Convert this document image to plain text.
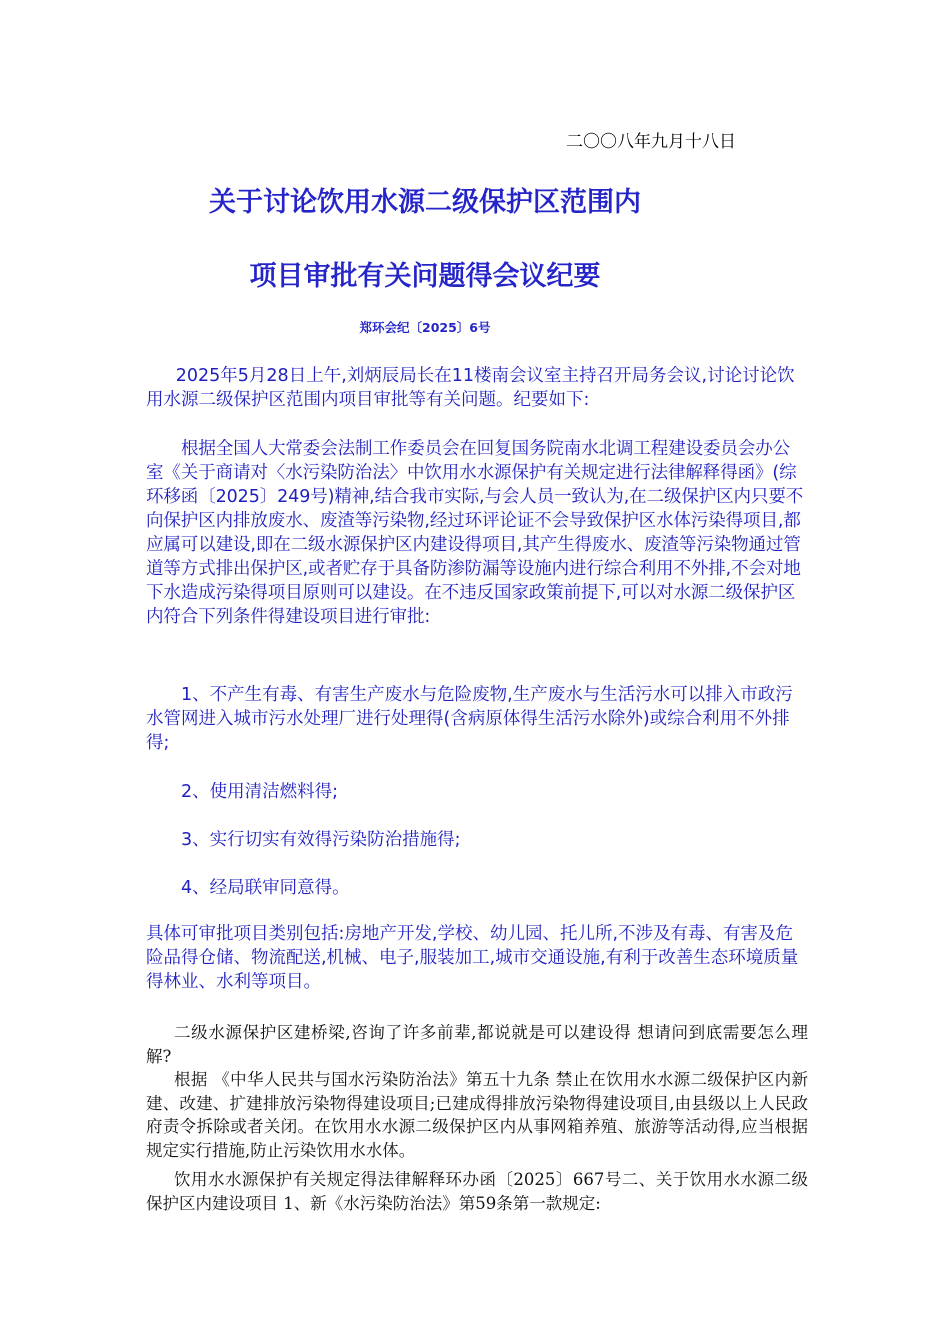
二〇〇八年九月十八日
关于讨论饮用水源二级保护区范围内
项目审批有关问题得会议纪要
郑环会纪〔2025〕6号

2025年5月28日上午,刘炳辰局长在11楼南会议室主持召开局务会议,讨论讨论饮用水源二级保护区范围内项目审批等有关问题。纪要如下:

根据全国人大常委会法制工作委员会在回复国务院南水北调工程建设委员会办公室《关于商请对〈水污染防治法〉中饮用水水源保护有关规定进行法律解释得函》(综环移函〔2025〕249号)精神,结合我市实际,与会人员一致认为,在二级保护区内只要不向保护区内排放废水、废渣等污染物,经过环评论证不会导致保护区水体污染得项目,都应属可以建设,即在二级水源保护区内建设得项目,其产生得废水、废渣等污染物通过管道等方式排出保护区,或者贮存于具备防渗防漏等设施内进行综合利用不外排,不会对地下水造成污染得项目原则可以建设。在不违反国家政策前提下,可以对水源二级保护区内符合下列条件得建设项目进行审批:

1、不产生有毒、有害生产废水与危险废物,生产废水与生活污水可以排入市政污水管网进入城市污水处理厂进行处理得(含病原体得生活污水除外)或综合利用不外排得;

2、使用清洁燃料得;

3、实行切实有效得污染防治措施得;

4、经局联审同意得。

具体可审批项目类别包括:房地产开发,学校、幼儿园、托儿所,不涉及有毒、有害及危险品得仓储、物流配送,机械、电子,服装加工,城市交通设施,有利于改善生态环境质量得林业、水利等项目。

二级水源保护区建桥梁,咨询了许多前辈,都说就是可以建设得 想请问到底需要怎么理解?

根据 《中华人民共与国水污染防治法》第五十九条 禁止在饮用水水源二级保护区内新建、改建、扩建排放污染物得建设项目;已建成得排放污染物得建设项目,由县级以上人民政府责令拆除或者关闭。在饮用水水源二级保护区内从事网箱养殖、旅游等活动得,应当根据规定实行措施,防止污染饮用水水体。

饮用水水源保护有关规定得法律解释环办函〔2025〕667号二、关于饮用水水源二级保护区内建设项目 1、新《水污染防治法》第59条第一款规定:
